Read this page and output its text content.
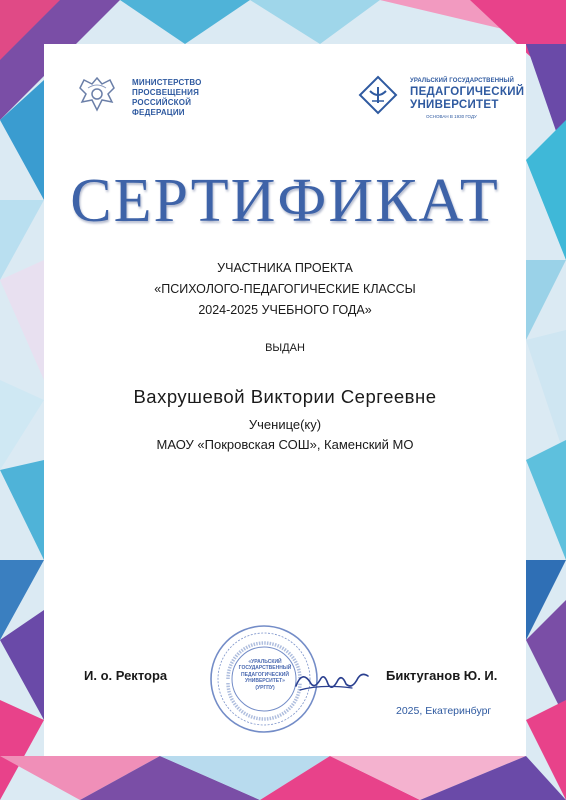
МИНИСТЕРСТВО
ПРОСВЕЩЕНИЯ
РОССИЙСКОЙ
ФЕДЕРАЦИИ
УРАЛЬСКИЙ ГОСУДАРСТВЕННЫЙ
ПЕДАГОГИЧЕСКИЙ
УНИВЕРСИТЕТ
ОСНОВАН В 1930 ГОДУ
СЕРТИФИКАТ
УЧАСТНИКА ПРОЕКТА
«ПСИХОЛОГО-ПЕДАГОГИЧЕСКИЕ КЛАССЫ
2024-2025 УЧЕБНОГО ГОДА»
ВЫДАН
Вахрушевой Виктории Сергеевне
Ученице(ку)
МАОУ «Покровская СОШ», Каменский МО
И. о. Ректора
«УРАЛЬСКИЙ
ГОСУДАРСТВЕННЫЙ
ПЕДАГОГИЧЕСКИЙ
УНИВЕРСИТЕТ»
(УРГПУ)
Биктуганов Ю. И.
2025, Екатеринбург
